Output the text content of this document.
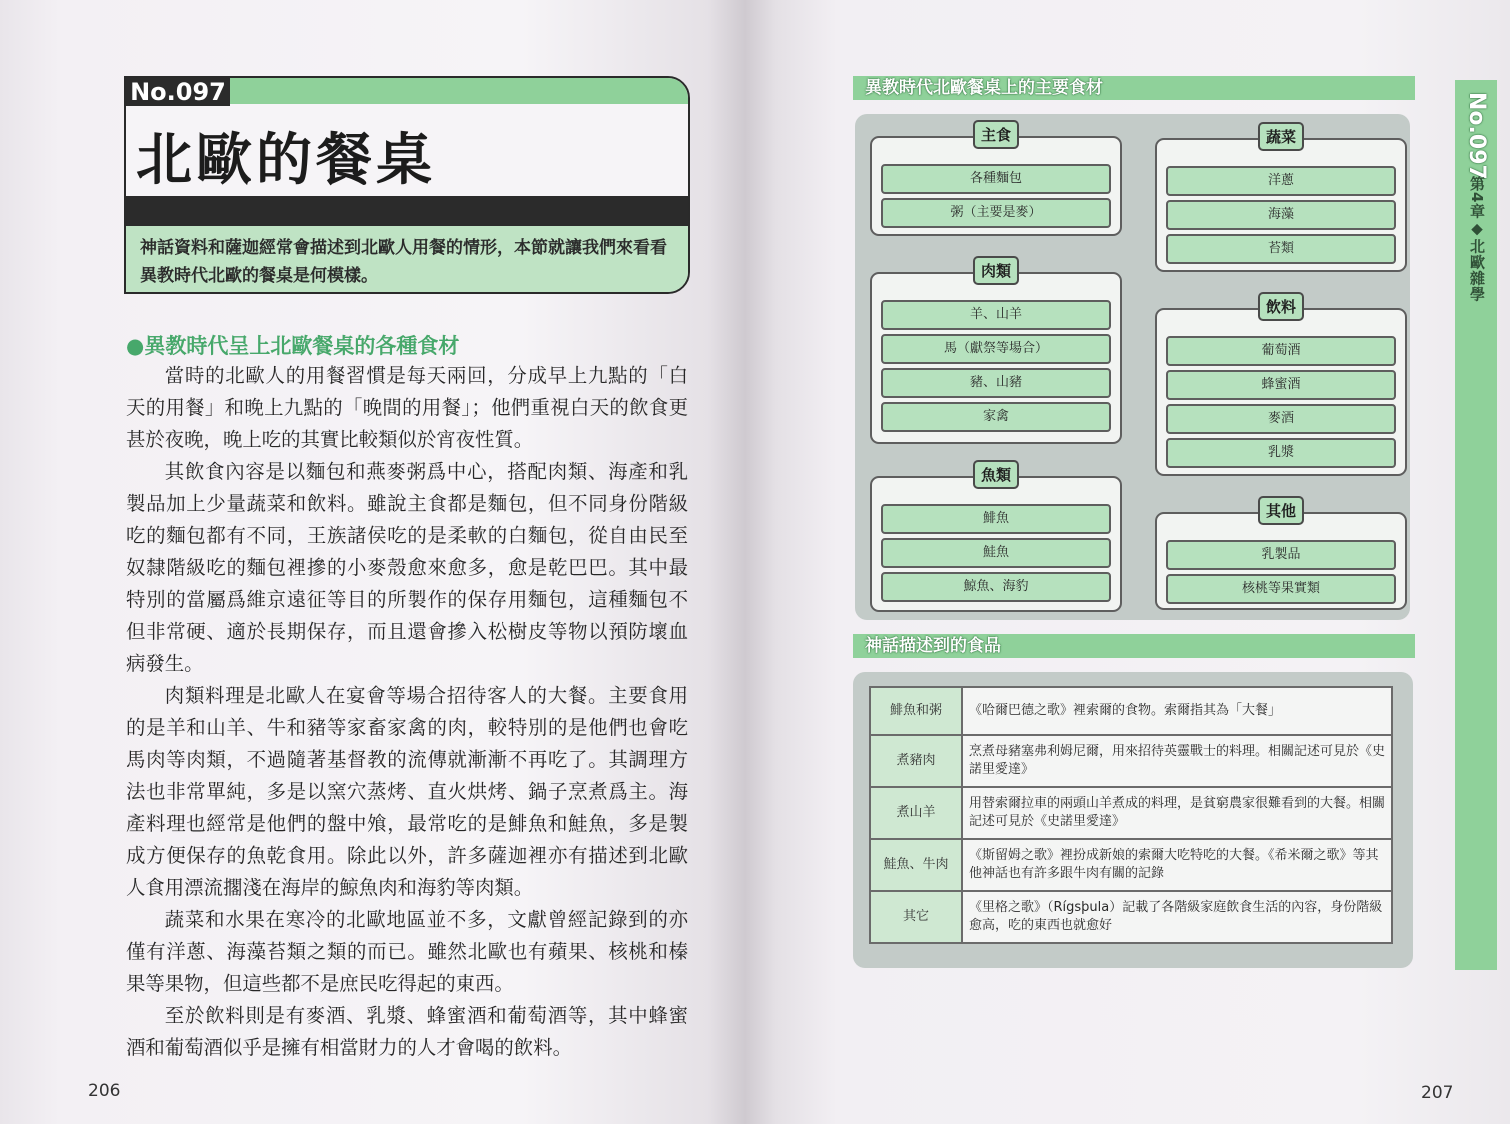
No.097
北歐的餐桌
神話資料和薩迦經常會描述到北歐人用餐的情形，本節就讓我們來看看異教時代北歐的餐桌是何模樣。
●異教時代呈上北歐餐桌的各種食材

當時的北歐人的用餐習慣是每天兩回，分成早上九點的「白天的用餐」和晚上九點的「晚間的用餐」；他們重視白天的飲食更甚於夜晚，晚上吃的其實比較類似於宵夜性質。

其飲食內容是以麵包和燕麥粥爲中心，搭配肉類、海產和乳製品加上少量蔬菜和飲料。雖說主食都是麵包，但不同身份階級吃的麵包都有不同，王族諸侯吃的是柔軟的白麵包，從自由民至奴隸階級吃的麵包裡摻的小麥殼愈來愈多，愈是乾巴巴。其中最特別的當屬爲維京遠征等目的所製作的保存用麵包，這種麵包不但非常硬、適於長期保存，而且還會摻入松樹皮等物以預防壞血病發生。

肉類料理是北歐人在宴會等場合招待客人的大餐。主要食用的是羊和山羊、牛和豬等家畜家禽的肉，較特別的是他們也會吃馬肉等肉類，不過隨著基督教的流傳就漸漸不再吃了。其調理方法也非常單純，多是以窯穴蒸烤、直火烘烤、鍋子烹煮爲主。海產料理也經常是他們的盤中飧，最常吃的是鯡魚和鮭魚，多是製成方便保存的魚乾食用。除此以外，許多薩迦裡亦有描述到北歐人食用漂流擱淺在海岸的鯨魚肉和海豹等肉類。

蔬菜和水果在寒冷的北歐地區並不多，文獻曾經記錄到的亦僅有洋蔥、海藻苔類之類的而已。雖然北歐也有蘋果、核桃和榛果等果物，但這些都不是庶民吃得起的東西。

至於飲料則是有麥酒、乳漿、蜂蜜酒和葡萄酒等，其中蜂蜜酒和葡萄酒似乎是擁有相當財力的人才會喝的飲料。

206
異教時代北歐餐桌上的主要食材
主食
各種麵包
粥（主要是麥）
肉類
羊、山羊
馬（獻祭等場合）
豬、山豬
家禽
魚類
鯡魚
鮭魚
鯨魚、海豹
蔬菜
洋蔥
海藻
苔類
飲料
葡萄酒
蜂蜜酒
麥酒
乳漿
其他
乳製品
核桃等果實類
神話描述到的食品
鯡魚和粥	《哈爾巴德之歌》裡索爾的食物。索爾指其為「大餐」
煮豬肉	烹煮母豬塞弗利姆尼爾，用來招待英靈戰士的料理。相關記述可見於《史諾里愛達》
煮山羊	用替索爾拉車的兩頭山羊煮成的料理，是貧窮農家很難看到的大餐。相關記述可見於《史諾里愛達》
鮭魚、牛肉	《斯留姆之歌》裡扮成新娘的索爾大吃特吃的大餐。《希米爾之歌》等其他神話也有許多跟牛肉有關的記錄
其它	《里格之歌》（Rígsþula）記載了各階級家庭飲食生活的內容，身份階級愈高，吃的東西也就愈好
No.097
第4章◆北歐雜學
207
